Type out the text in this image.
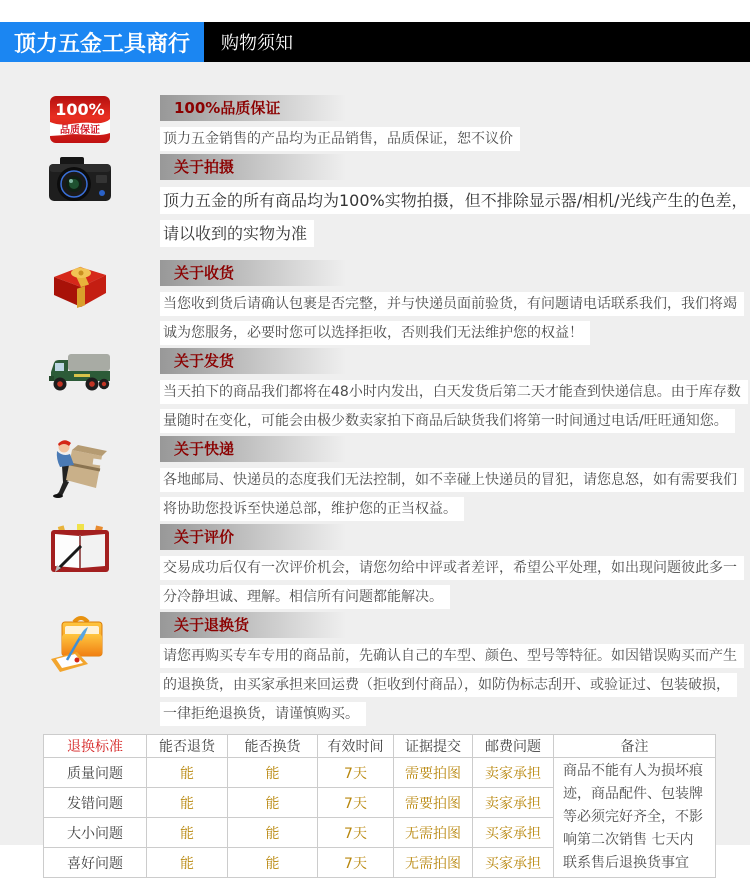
顶力五金工具商行 购物须知
100%
品质保证
100%品质保证

顶力五金销售的产品均为正品销售，品质保证，恕不议价

关于拍摄

顶力五金的所有商品均为100%实物拍摄，但不排除显示器/相机/光线产生的色差，请以收到的实物为准

关于收货

当您收到货后请确认包裹是否完整，并与快递员面前验货，有问题请电话联系我们，我们将竭诚为您服务，必要时您可以选择拒收，否则我们无法维护您的权益！

关于发货

当天拍下的商品我们都将在48小时内发出，白天发货后第二天才能查到快递信息。由于库存数量随时在变化，可能会由极少数卖家拍下商品后缺货我们将第一时间通过电话/旺旺通知您。

关于快递

各地邮局、快递员的态度我们无法控制，如不幸碰上快递员的冒犯，请您息怒，如有需要我们将协助您投诉至快递总部，维护您的正当权益。

关于评价

交易成功后仅有一次评价机会，请您勿给中评或者差评，希望公平处理，如出现问题彼此多一分冷静坦诚、理解。相信所有问题都能解决。

关于退换货

请您再购买专车专用的商品前，先确认自己的车型、颜色、型号等特征。如因错误购买而产生的退换货，由买家承担来回运费（拒收到付商品），如防伪标志刮开、或验证过、包装破损，一律拒绝退换货，请谨慎购买。

退换标准	能否退货	能否换货	有效时间	证据提交	邮费问题	备注
质量问题	能	能	7天	需要拍图	卖家承担	商品不能有人为损坏痕迹，商品配件、包装牌等必须完好齐全，不影响第二次销售 七天内联系售后退换货事宜
发错问题	能	能	7天	需要拍图	卖家承担	
大小问题	能	能	7天	无需拍图	买家承担	
喜好问题	能	能	7天	无需拍图	买家承担	
